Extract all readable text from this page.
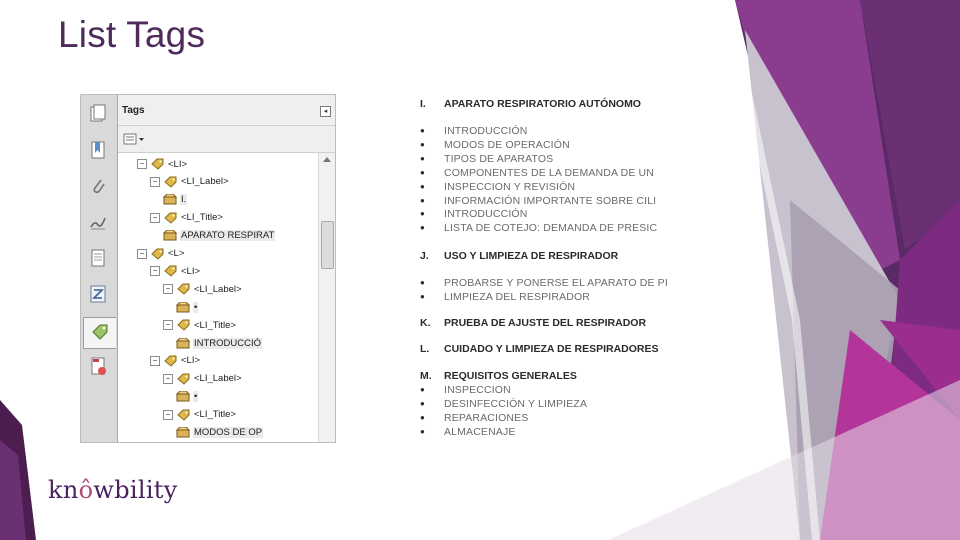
List Tags
Tags	◂
− <LI>
− <LI_Label>
I.
− <LI_Title>
APARATO RESPIRAT
− <L>
− <LI>
− <LI_Label>
•
− <LI_Title>
INTRODUCCIÓ
− <LI>
− <LI_Label>
•
− <LI_Title>
MODOS DE OP
I. APARATO RESPIRATORIO AUTÓNOMO
● INTRODUCCIÓN
● MODOS DE OPERACIÓN
● TIPOS DE APARATOS
● COMPONENTES DE LA DEMANDA DE UN
● INSPECCION Y REVISIÓN
● INFORMACIÓN IMPORTANTE SOBRE CILI
● INTRODUCCIÓN
● LISTA DE COTEJO: DEMANDA DE PRESIC
J. USO Y LIMPIEZA DE RESPIRADOR
● PROBARSE Y PONERSE EL APARATO DE PI
● LIMPIEZA DEL RESPIRADOR
K. PRUEBA DE AJUSTE DEL RESPIRADOR
L. CUIDADO Y LIMPIEZA DE RESPIRADORES
M. REQUISITOS GENERALES
● INSPECCION
● DESINFECCIÓN Y LIMPIEZA
● REPARACIONES
● ALMACENAJE
knôwbility
